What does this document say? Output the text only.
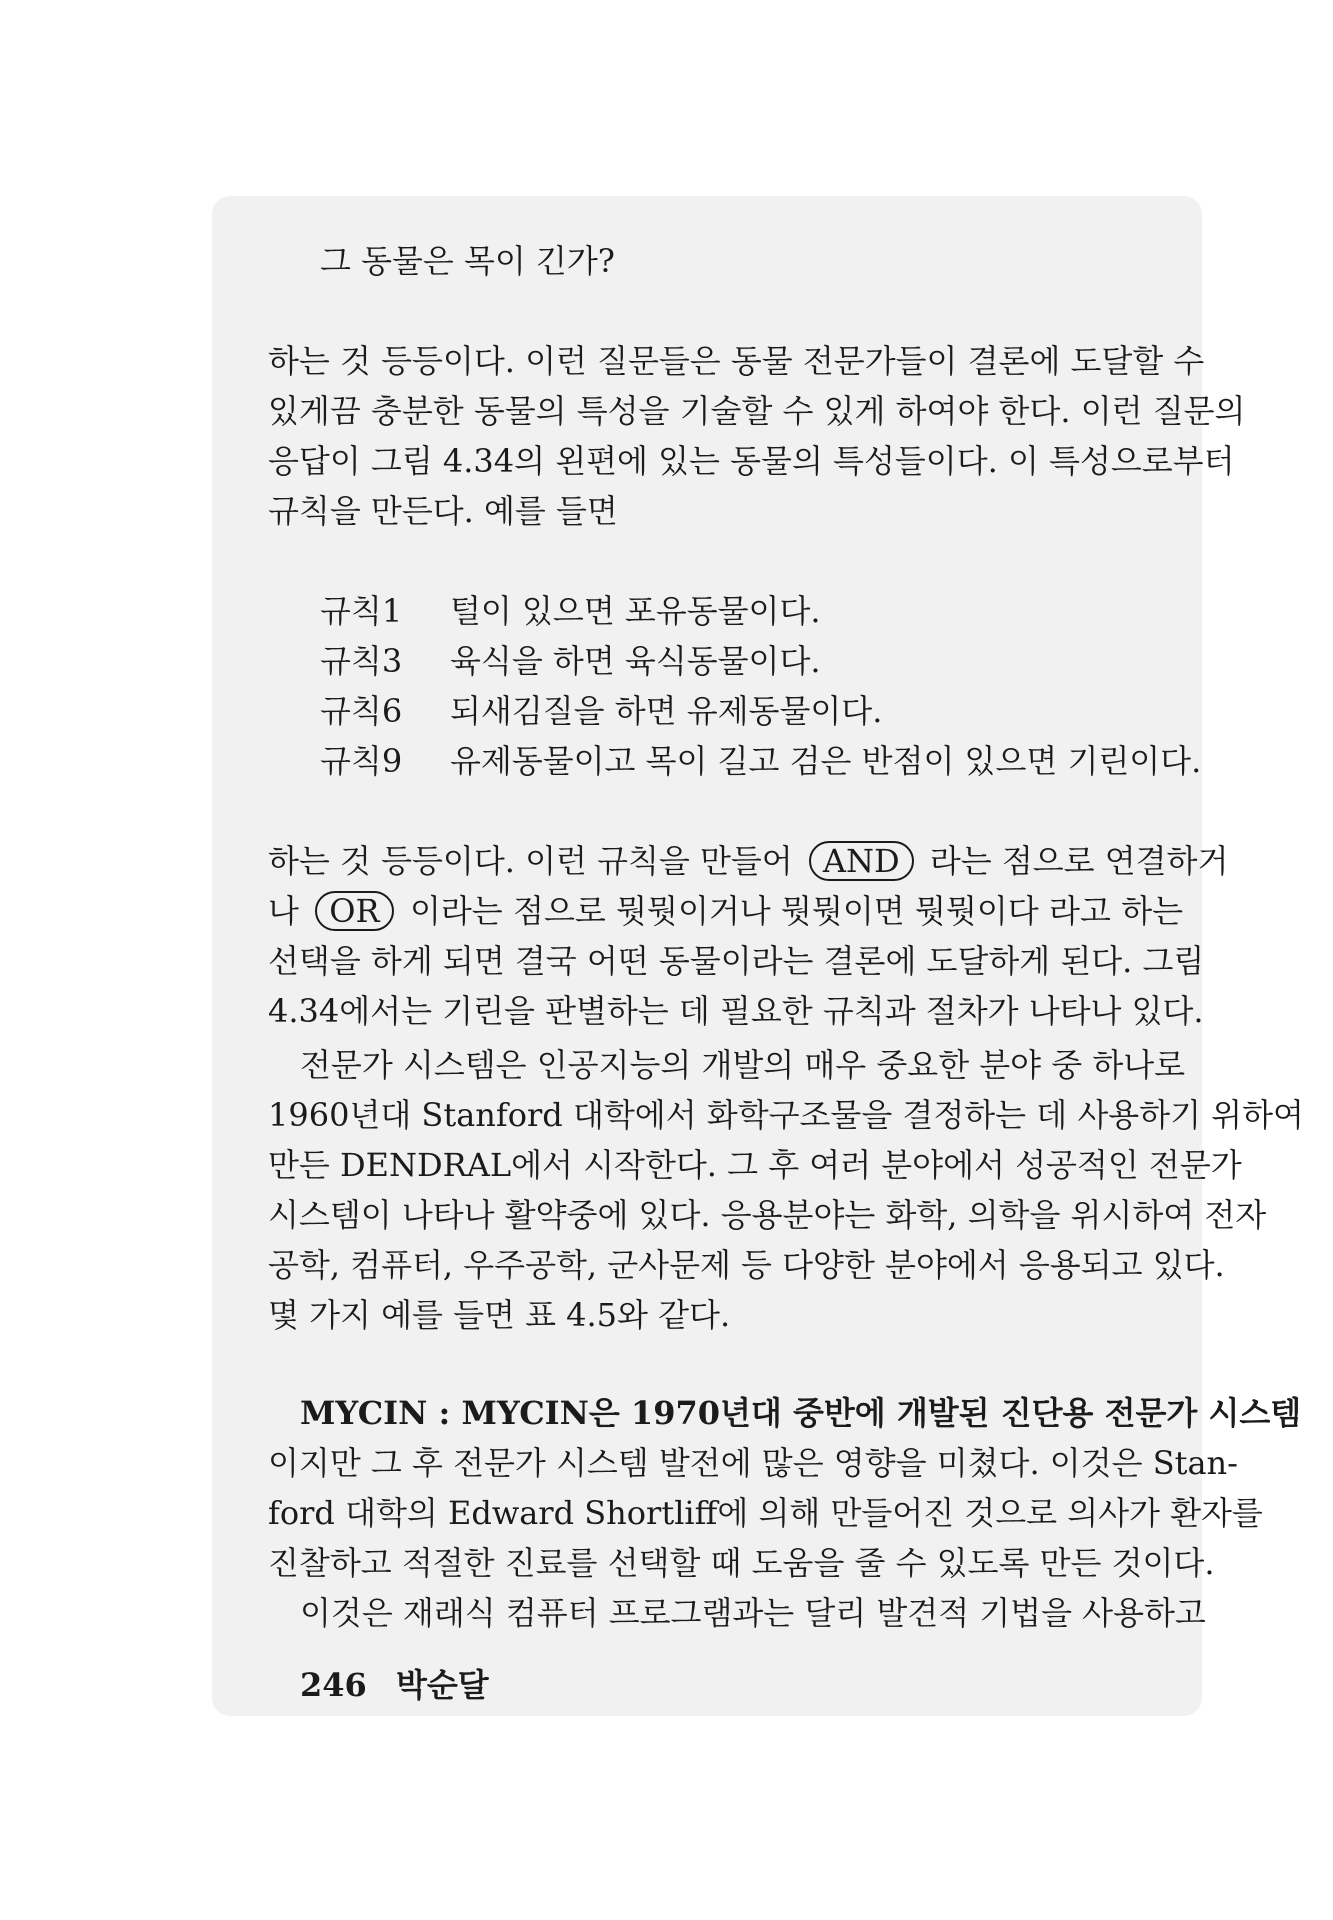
그 동물은 목이 긴가?
하는 것 등등이다. 이런 질문들은 동물 전문가들이 결론에 도달할 수
있게끔 충분한 동물의 특성을 기술할 수 있게 하여야 한다. 이런 질문의
응답이 그림 4.34의 왼편에 있는 동물의 특성들이다. 이 특성으로부터
규칙을 만든다. 예를 들면
규칙1 털이 있으면 포유동물이다.
규칙3 육식을 하면 육식동물이다.
규칙6 되새김질을 하면 유제동물이다.
규칙9 유제동물이고 목이 길고 검은 반점이 있으면 기린이다.
하는 것 등등이다. 이런 규칙을 만들어 AND 라는 점으로 연결하거
나 OR 이라는 점으로 뭣뭣이거나 뭣뭣이면 뭣뭣이다 라고 하는
선택을 하게 되면 결국 어떤 동물이라는 결론에 도달하게 된다. 그림
4.34에서는 기린을 판별하는 데 필요한 규칙과 절차가 나타나 있다.
전문가 시스템은 인공지능의 개발의 매우 중요한 분야 중 하나로
1960년대 Stanford 대학에서 화학구조물을 결정하는 데 사용하기 위하여
만든 DENDRAL에서 시작한다. 그 후 여러 분야에서 성공적인 전문가
시스템이 나타나 활약중에 있다. 응용분야는 화학, 의학을 위시하여 전자
공학, 컴퓨터, 우주공학, 군사문제 등 다양한 분야에서 응용되고 있다.
몇 가지 예를 들면 표 4.5와 같다.
MYCIN : MYCIN은 1970년대 중반에 개발된 진단용 전문가 시스템
이지만 그 후 전문가 시스템 발전에 많은 영향을 미쳤다. 이것은 Stan-
ford 대학의 Edward Shortliff에 의해 만들어진 것으로 의사가 환자를
진찰하고 적절한 진료를 선택할 때 도움을 줄 수 있도록 만든 것이다.
이것은 재래식 컴퓨터 프로그램과는 달리 발견적 기법을 사용하고
246 박순달
